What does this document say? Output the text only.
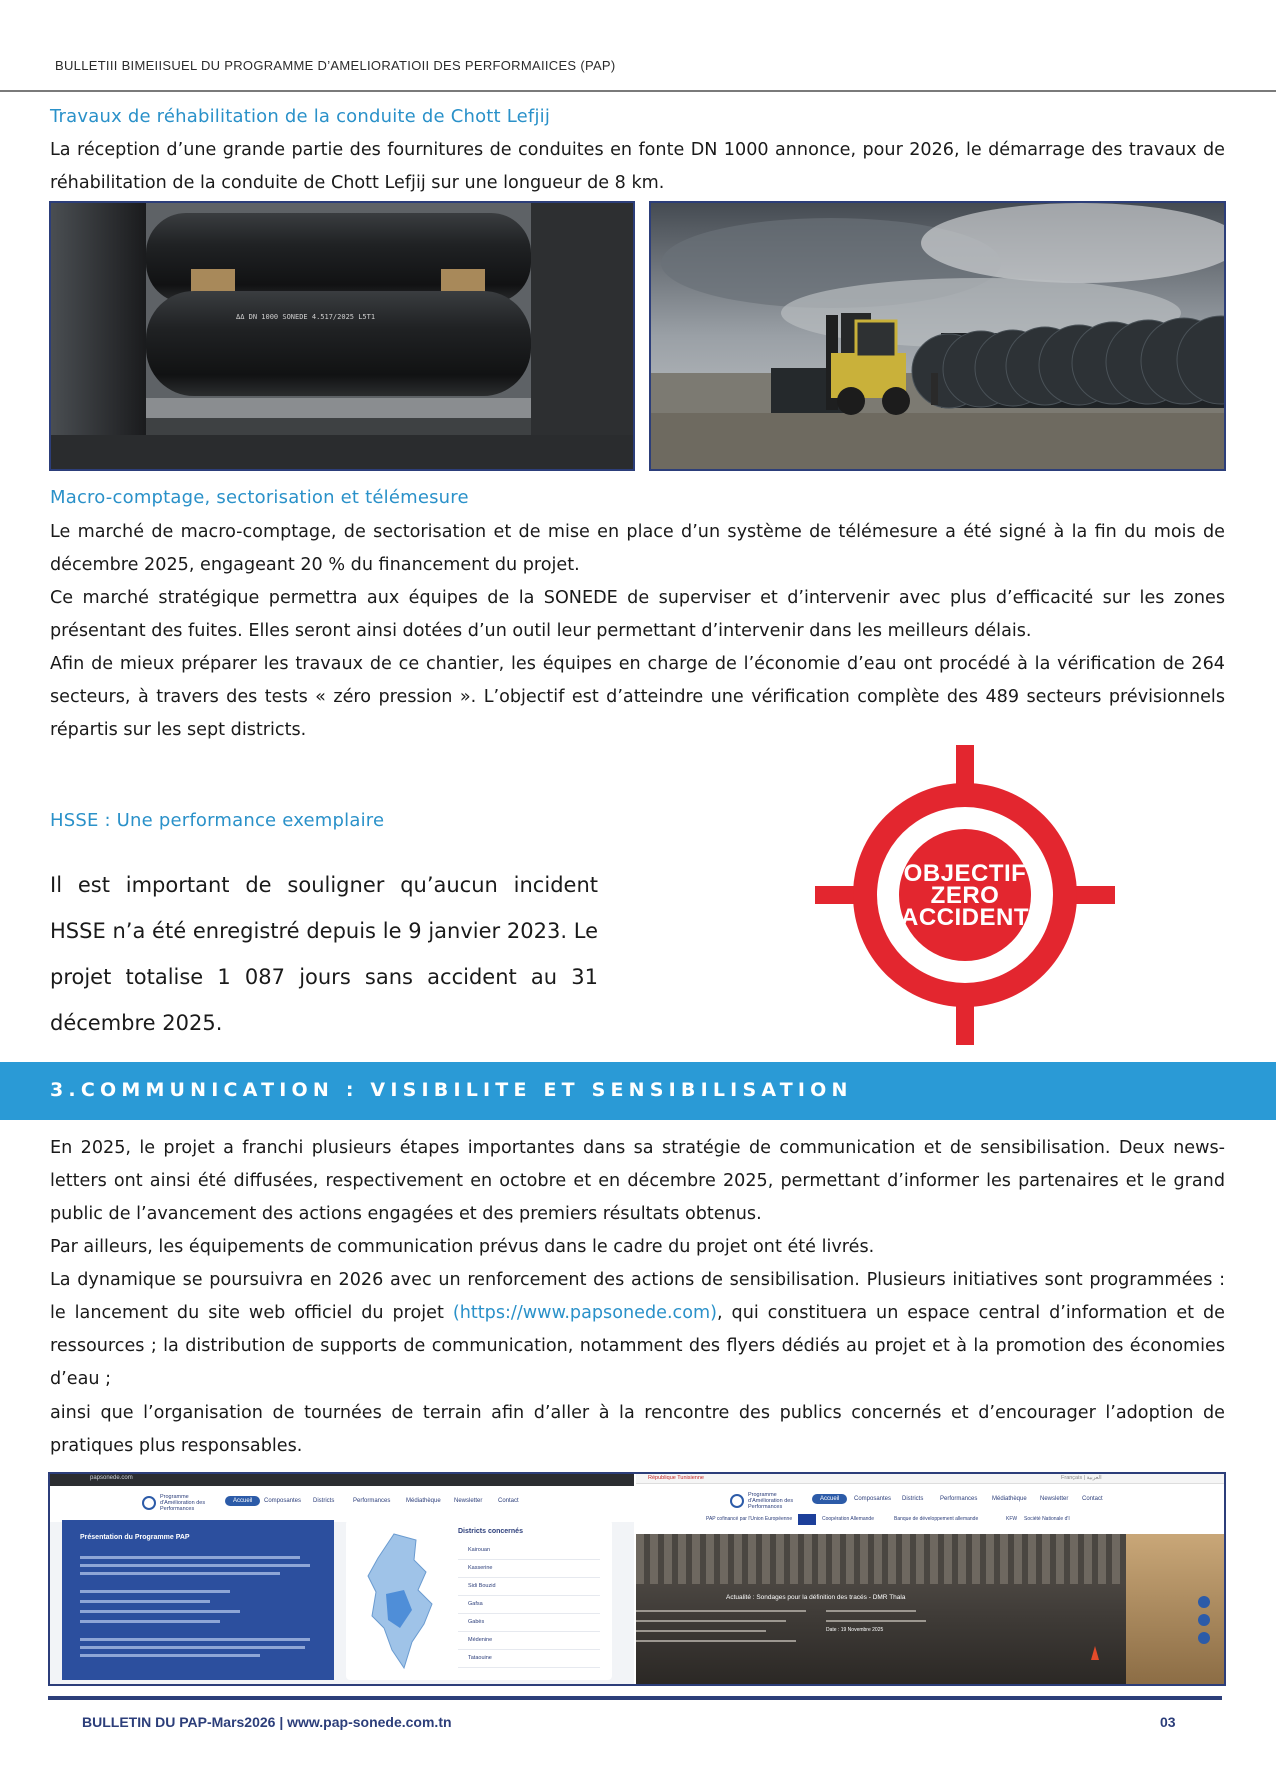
BULLETIII BIMEIISUEL DU PROGRAMME D’AMELIORATIOII DES PERFORMAIICES (PAP)
Travaux de réhabilitation de la conduite de Chott Lefjij
La réception d’une grande partie des fournitures de conduites en fonte DN 1000 annonce, pour 2026, le démarrage des travaux de réhabilitation de la conduite de Chott Lefjij sur une longueur de 8 km.
ΔΔ DN 1000 SONEDE 4.517/2025 L5T1
Macro-comptage, sectorisation et télémesure
Le marché de macro-comptage, de sectorisation et de mise en place d’un système de télémesure a été signé à la fin du mois de décembre 2025, engageant 20 % du financement du projet.
Ce marché stratégique permettra aux équipes de la SONEDE de superviser et d’intervenir avec plus d’efficacité sur les zones présentant des fuites. Elles seront ainsi dotées d’un outil leur permettant d’intervenir dans les meilleurs délais.
Afin de mieux préparer les travaux de ce chantier, les équipes en charge de l’économie d’eau ont procédé à la vérification de 264 secteurs, à travers des tests « zéro pression ». L’objectif est d’atteindre une vérification complète des 489 secteurs prévisionnels répartis sur les sept districts.
HSSE : Une performance exemplaire
Il est important de souligner qu’aucun incident HSSE n’a été enregistré depuis le 9 janvier 2023. Le projet totalise 1 087 jours sans accident au 31 décembre 2025.
OBJECTIF
ZERO
ACCIDENT
3.COMMUNICATION : VISIBILITE ET SENSIBILISATION
En 2025, le projet a franchi plusieurs étapes importantes dans sa stratégie de communication et de sensibilisation. Deux news-letters ont ainsi été diffusées, respectivement en octobre et en décembre 2025, permettant d’informer les partenaires et le grand public de l’avancement des actions engagées et des premiers résultats obtenus.
Par ailleurs, les équipements de communication prévus dans le cadre du projet ont été livrés.
La dynamique se poursuivra en 2026 avec un renforcement des actions de sensibilisation. Plusieurs initiatives sont programmées : le lancement du site web officiel du projet (https://www.papsonede.com), qui constituera un espace central d’information et de ressources ; la distribution de supports de communication, notamment des flyers dédiés au projet et à la promotion des économies d’eau ;
ainsi que l’organisation de tournées de terrain afin d’aller à la rencontre des publics concernés et d’encourager l’adoption de pratiques plus responsables.
papsonede.com
Programme d'Amélioration des Performances
Accueil	Composantes Districts	Performances	Médiathèque Newsletter	Contact
Présentation du Programme PAP
Districts concernés
Kairouan
Kasserine
Sidi Bouzid
Gafsa
Gabès
Médenine
Tataouine
République Tunisienne	Français | العربية
Programme d'Amélioration des Performances
Accueil	Composantes Districts	Performances Médiathèque Newsletter Contact
PAP cofinancé par l'Union Européenne	Coopération Allemande	Banque de développement allemande	KFW Société Nationale d'I
Actualité : Sondages pour la définition des tracés - DMR Thala
Date : 19 Novembre 2025
BULLETIN DU PAP-Mars2026 | www.pap-sonede.com.tn	03
